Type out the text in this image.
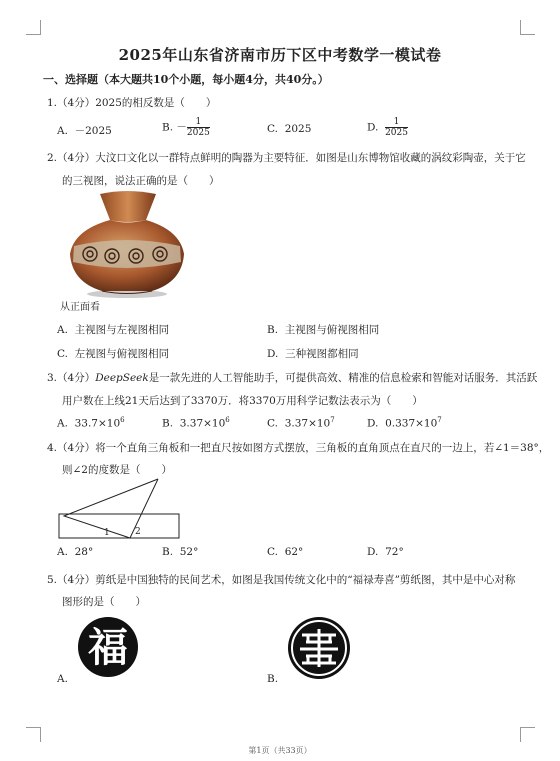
2025年山东省济南市历下区中考数学一模试卷
一、选择题（本大题共10个小题，每小题4分，共40分。）
1.（4分）2025的相反数是（　　）
A. －2025	B. － $\frac{1}{2025}$	C. 2025	D. $\frac{1}{2025}$
2.（4分）大汶口文化以一群特点鲜明的陶器为主要特征．如图是山东博物馆收藏的涡纹彩陶壶，关于它
的三视图，说法正确的是（　　）
从正面看
A. 主视图与左视图相同	B. 主视图与俯视图相同
C. 左视图与俯视图相同	D. 三种视图都相同
3.（4分）DeepSeek是一款先进的人工智能助手，可提供高效、精准的信息检索和智能对话服务．其活跃
用户数在上线21天后达到了3370万．将3370万用科学记数法表示为（　　）
A. $33.7\times 10^6$	B. $3.37\times 10^6$	C. $3.37\times 10^7$	D. $0.337\times 10^7$
4.（4分）将一个直角三角板和一把直尺按如图方式摆放，三角板的直角顶点在直尺的一边上，若∠1＝38°，
则∠2的度数是（　　）
1	2
A. 28°	B. 52°	C. 62°	D. 72°
5.（4分）剪纸是中国独特的民间艺术，如图是我国传统文化中的“福禄寿喜”剪纸图，其中是中心对称
图形的是（　　）
福
A.	B.
第1页（共33页）
